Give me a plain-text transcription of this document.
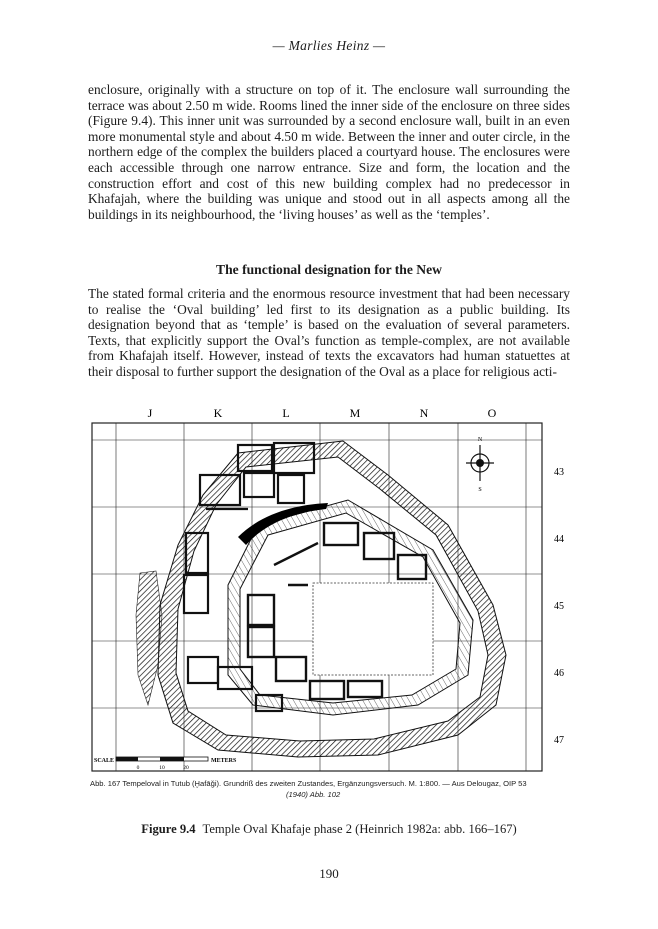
— Marlies Heinz —

enclosure, originally with a structure on top of it. The enclosure wall surrounding the terrace was about 2.50 m wide. Rooms lined the inner side of the enclosure on three sides (Figure 9.4). This inner unit was surrounded by a second enclosure wall, built in an even more monumental style and about 4.50 m wide. Between the inner and outer circle, in the northern edge of the complex the builders placed a courtyard house. The enclosures were each accessible through one narrow entrance. Size and form, the location and the construction effort and cost of this new building complex had no predecessor in Khafajah, where the building was unique and stood out in all aspects among all the buildings in its neighbourhood, the ‘living houses’ as well as the ‘temples’.

The functional designation for the New

The stated formal criteria and the enormous resource investment that had been necessary to realise the ‘Oval building’ led first to its designation as a public building. Its designation beyond that as ‘temple’ is based on the evaluation of several parameters. Texts, that explicitly support the Oval’s function as temple-complex, are not available from Khafajah itself. However, instead of texts the excavators had human statuettes at their disposal to further support the designation of the Oval as a place for religious acti-

J	K	L	M	N	O
43
44
45
46
47
N
S
SCALE	METERS
0	10	20
Abb. 167 Tempeloval in Tutub (Ḫafāǧi). Grundriß des zweiten Zustandes, Ergänzungsversuch. M. 1:800. — Aus Delougaz, OIP 53
(1940) Abb. 102
Figure 9.4 Temple Oval Khafaje phase 2 (Heinrich 1982a: abb. 166–167)
190
